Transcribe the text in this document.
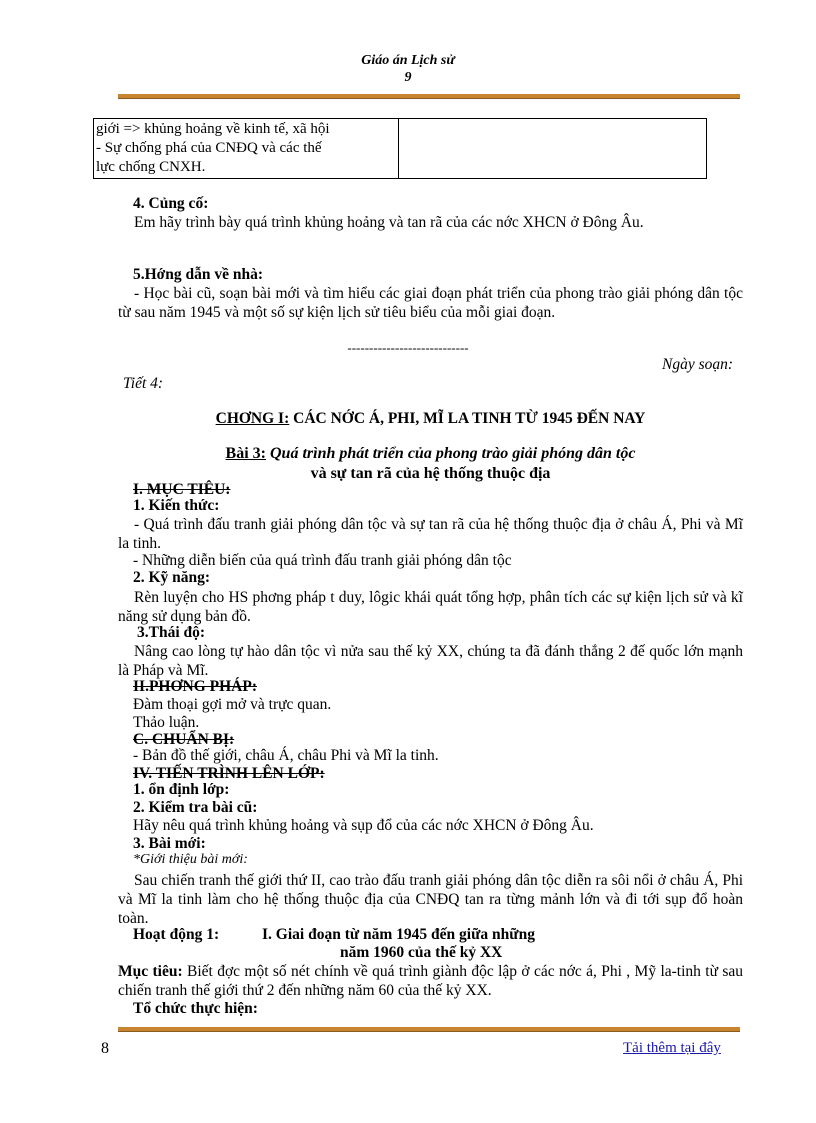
Giáo án Lịch sử
9
giới => khủng hoảng về kinh tế, xã hội
- Sự chống phá của CNĐQ và các thế
lực chống CNXH.

4. Củng cố:
Em hãy trình bày quá trình khủng hoảng và tan rã của các nớc XHCN ở Đông Âu.
5.Hớng dẫn về nhà:
- Học bài cũ, soạn bài mới và tìm hiểu các giai đoạn phát triển của phong trào giải phóng dân tộc từ sau năm 1945 và một số sự kiện lịch sử tiêu biểu của mỗi giai đoạn.
----------------------------
Ngày soạn:
Tiết 4:
CHƠNG I: CÁC NỚC Á, PHI, MĨ LA TINH TỪ 1945 ĐẾN NAY
Bài 3: Quá trình phát triển của phong trào giải phóng dân tộc
và sự tan rã của hệ thống thuộc địa
I. MỤC TIÊU:
1. Kiến thức:
- Quá trình đấu tranh giải phóng dân tộc và sự tan rã của hệ thống thuộc địa ở châu Á, Phi và Mĩ la tinh.
- Những diễn biến của quá trình đấu tranh giải phóng dân tộc
2. Kỹ năng:
Rèn luyện cho HS phơng pháp t duy, lôgic khái quát tổng hợp, phân tích các sự kiện lịch sử và kĩ năng sử dụng bản đồ.
3.Thái độ:
Nâng cao lòng tự hào dân tộc vì nửa sau thế kỷ XX, chúng ta đã đánh thắng 2 đế quốc lớn mạnh là Pháp và Mĩ.
II.PHƠNG PHÁP:
Đàm thoại gợi mở và trực quan.
Thảo luận.
C. CHUẨN BỊ:
- Bản đồ thế giới, châu Á, châu Phi và Mĩ la tinh.
IV. TIẾN TRÌNH LÊN LỚP:
1. ổn định lớp:
2. Kiểm tra bài cũ:
Hãy nêu quá trình khủng hoảng và sụp đổ của các nớc XHCN ở Đông Âu.
3. Bài mới:
*Giới thiệu bài mới:
Sau chiến tranh thế giới thứ II, cao trào đấu tranh giải phóng dân tộc diễn ra sôi nổi ở châu Á, Phi và Mĩ la tinh làm cho hệ thống thuộc địa của CNĐQ tan ra từng mảnh lớn và đi tới sụp đổ hoàn toàn.
Hoạt động 1:	I. Giai đoạn từ năm 1945 đến giữa những
năm 1960 của thế kỷ XX
Mục tiêu: Biết đợc một số nét chính về quá trình giành độc lập ở các nớc á, Phi , Mỹ la-tinh từ sau chiến tranh thế giới thứ 2 đến những năm 60 của thế kỷ XX.
Tổ chức thực hiện:
8	Tải thêm tại đây
